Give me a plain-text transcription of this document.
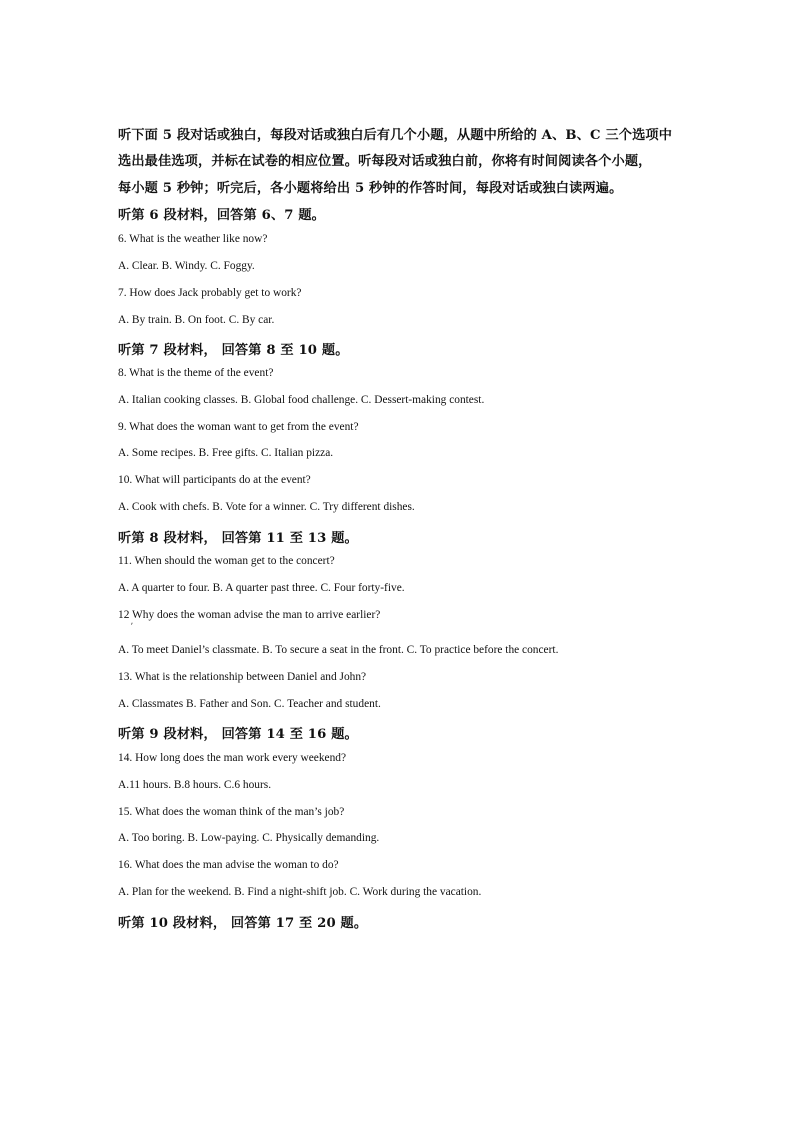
听下面 5 段对话或独白，每段对话或独白后有几个小题，从题中所给的 A、B、C 三个选项中
选出最佳选项，并标在试卷的相应位置。听每段对话或独白前，你将有时间阅读各个小题，
每小题 5 秒钟；听完后，各小题将给出 5 秒钟的作答时间，每段对话或独白读两遍。
听第 6 段材料，回答第 6、7 题。
6. What is the weather like now?
A. Clear. B. Windy. C. Foggy.
7. How does Jack probably get to work?
A. By train. B. On foot. C. By car.
听第 7 段材料， 回答第 8 至 10 题。
8. What is the theme of the event?
A. Italian cooking classes. B. Global food challenge. C. Dessert-making contest.
9. What does the woman want to get from the event?
A. Some recipes. B. Free gifts. C. Italian pizza.
10. What will participants do at the event?
A. Cook with chefs. B. Vote for a winner. C. Try different dishes.
听第 8 段材料， 回答第 11 至 13 题。
11. When should the woman get to the concert?
A. A quarter to four. B. A quarter past three. C. Four forty-five.
12 Why does the woman advise the man to arrive earlier?
ʹ
A. To meet Daniel’s classmate. B. To secure a seat in the front. C. To practice before the concert.
13. What is the relationship between Daniel and John?
A. Classmates B. Father and Son. C. Teacher and student.
听第 9 段材料， 回答第 14 至 16 题。
14. How long does the man work every weekend?
A.11 hours. B.8 hours. C.6 hours.
15. What does the woman think of the man’s job?
A. Too boring. B. Low-paying. C. Physically demanding.
16. What does the man advise the woman to do?
A. Plan for the weekend. B. Find a night-shift job. C. Work during the vacation.
听第 10 段材料， 回答第 17 至 20 题。
